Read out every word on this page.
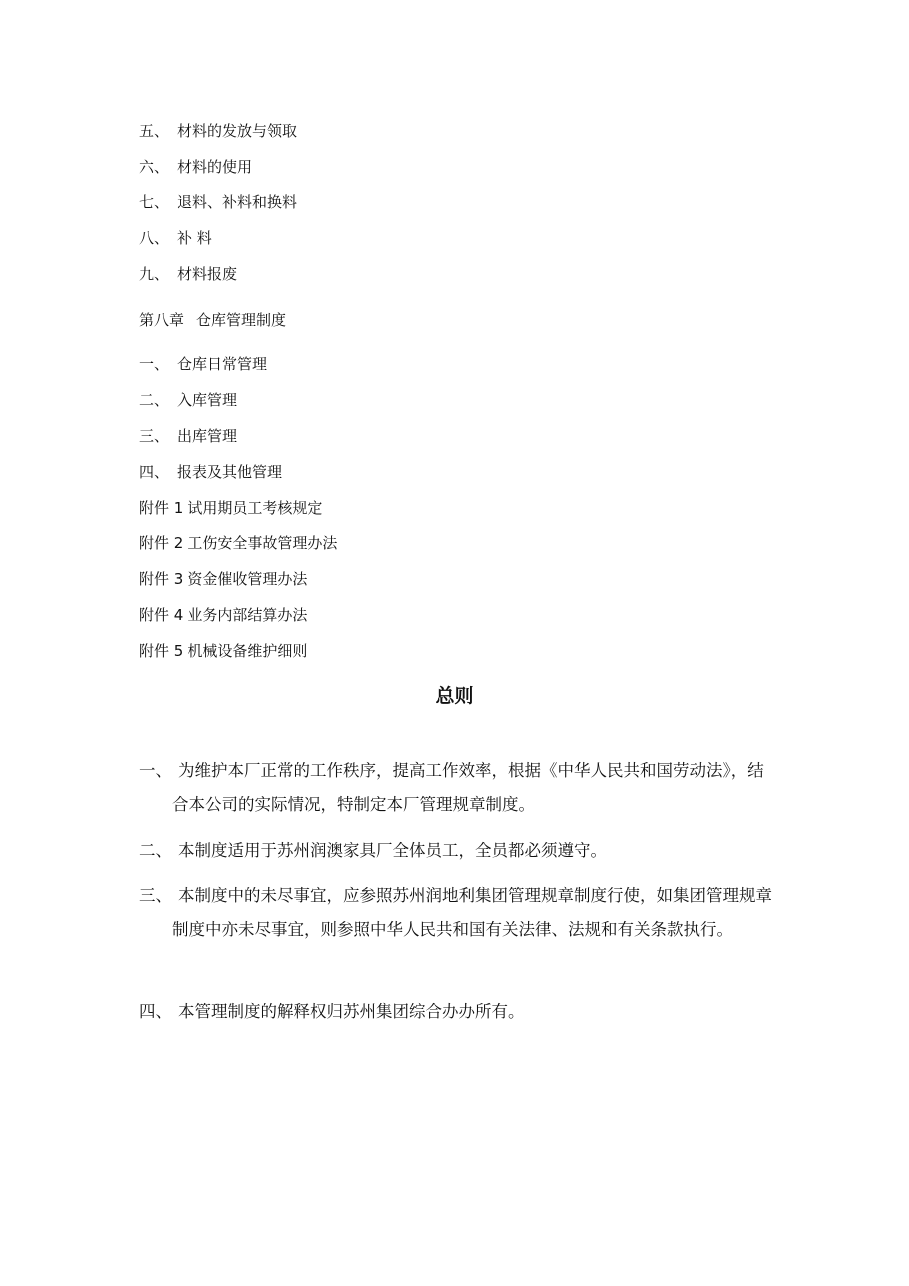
五、 材料的发放与领取
六、 材料的使用
七、 退料、补料和换料
八、 补 料
九、 材料报废
第八章 仓库管理制度
一、 仓库日常管理
二、 入库管理
三、 出库管理
四、 报表及其他管理
附件 1 试用期员工考核规定
附件 2 工伤安全事故管理办法
附件 3 资金催收管理办法
附件 4 业务内部结算办法
附件 5 机械设备维护细则
总则
一、 为维护本厂正常的工作秩序，提高工作效率，根据《中华人民共和国劳动法》，结合本公司的实际情况，特制定本厂管理规章制度。
二、 本制度适用于苏州润澳家具厂全体员工，全员都必须遵守。
三、 本制度中的未尽事宜，应参照苏州润地利集团管理规章制度行使，如集团管理规章制度中亦未尽事宜，则参照中华人民共和国有关法律、法规和有关条款执行。
四、 本管理制度的解释权归苏州集团综合办办所有。
